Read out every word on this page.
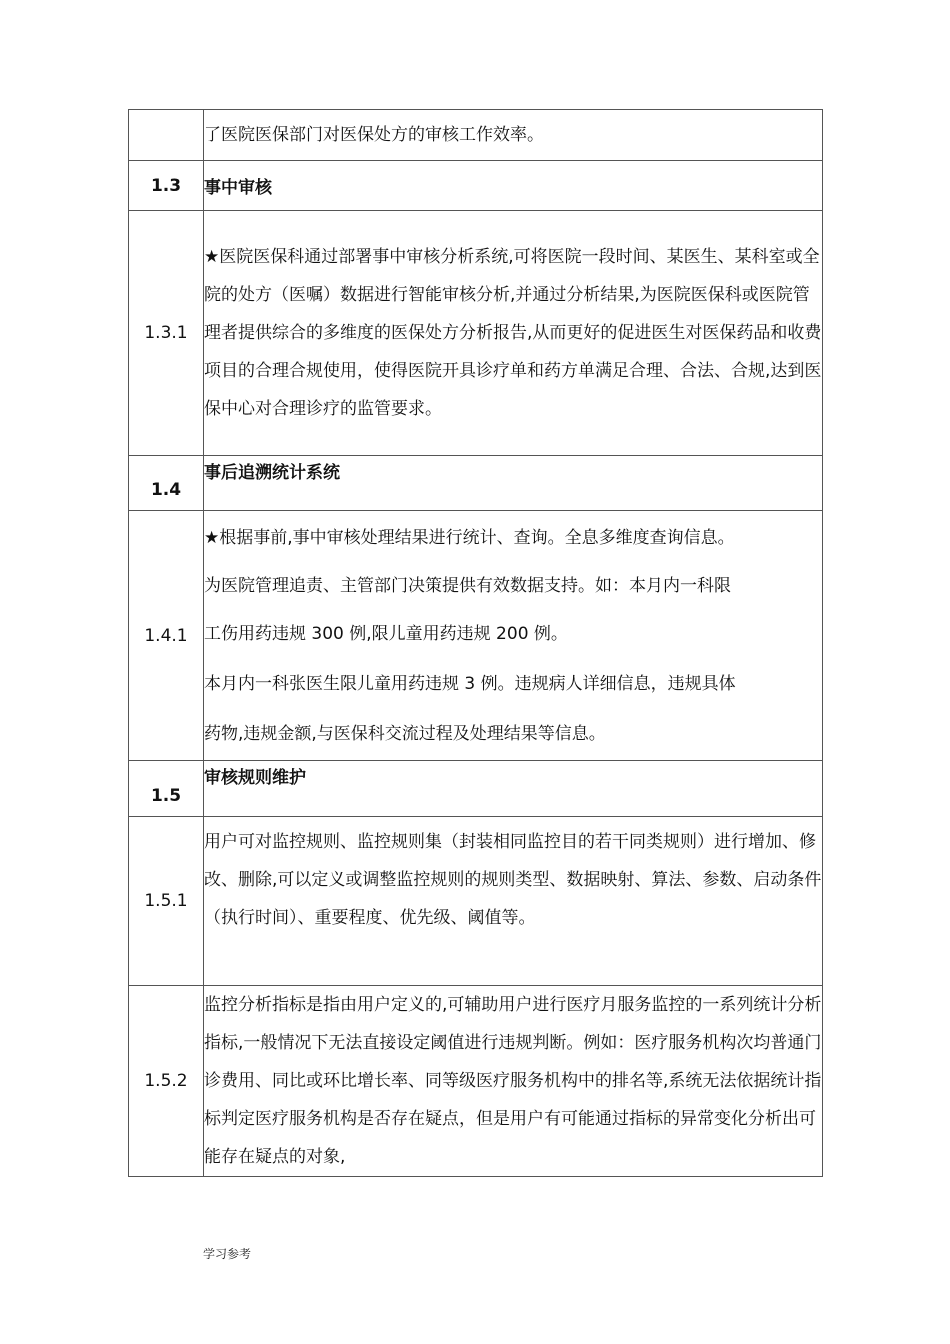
	了医院医保部门对医保处方的审核工作效率。

1.3	事中审核
1.3.1	★医院医保科通过部署事中审核分析系统,可将医院一段时间、某医生、某科室或全院的处方（医嘱）数据进行智能审核分析,并通过分析结果,为医院医保科或医院管理者提供综合的多维度的医保处方分析报告,从而更好的促进医生对医保药品和收费项目的合理合规使用，使得医院开具诊疗单和药方单满足合理、合法、合规,达到医保中心对合理诊疗的监管要求。

1.4	事后追溯统计系统
1.4.1	★根据事前,事中审核处理结果进行统计、查询。全息多维度查询信息。

为医院管理追责、主管部门决策提供有效数据支持。如：本月内一科限

工伤用药违规 300 例,限儿童用药违规 200 例。

本月内一科张医生限儿童用药违规 3 例。违规病人详细信息，违规具体

药物,违规金额,与医保科交流过程及处理结果等信息。

1.5	审核规则维护
1.5.1	用户可对监控规则、监控规则集（封装相同监控目的若干同类规则）进行增加、修改、删除,可以定义或调整监控规则的规则类型、数据映射、算法、参数、启动条件（执行时间）、重要程度、优先级、阈值等。

1.5.2	监控分析指标是指由用户定义的,可辅助用户进行医疗月服务监控的一系列统计分析指标,一般情况下无法直接设定阈值进行违规判断。例如：医疗服务机构次均普通门诊费用、同比或环比增长率、同等级医疗服务机构中的排名等,系统无法依据统计指标判定医疗服务机构是否存在疑点，但是用户有可能通过指标的异常变化分析出可能存在疑点的对象,

学习参考
